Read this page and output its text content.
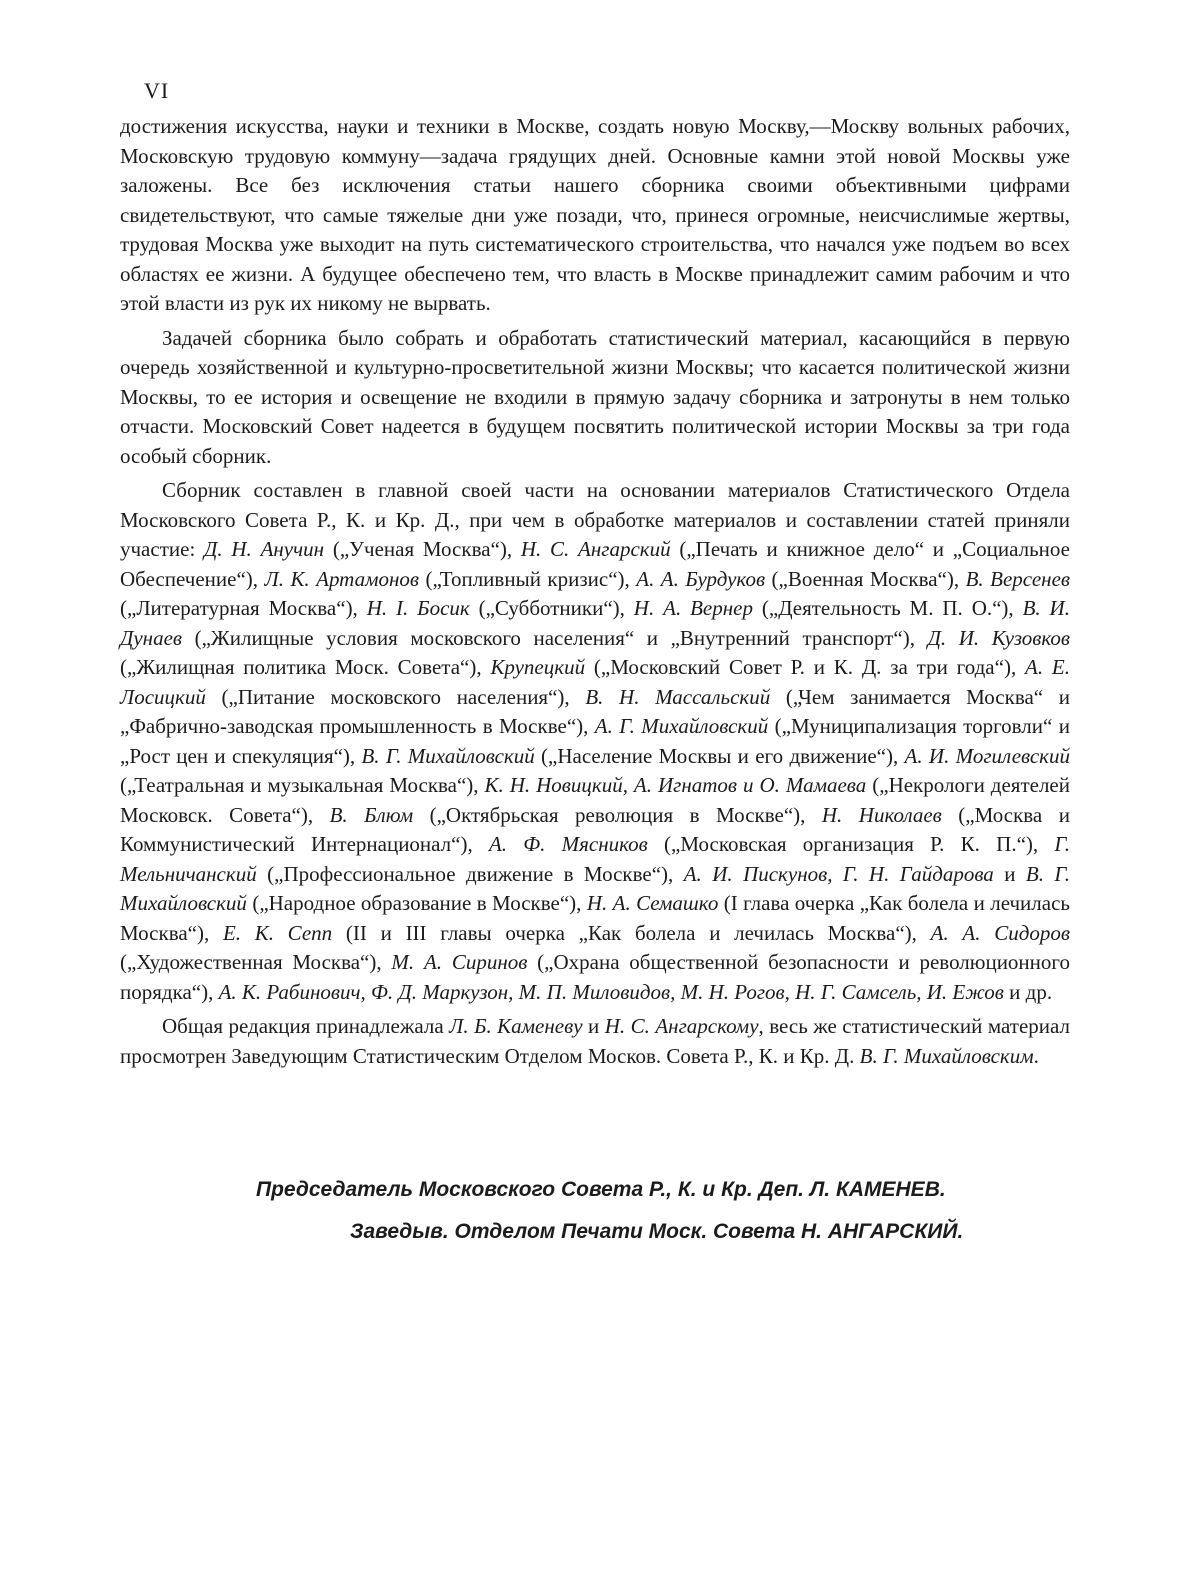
VI

достижения искусства, науки и техники в Москве, создать новую Москву,—Москву вольных рабочих, Московскую трудовую коммуну—задача грядущих дней. Основные камни этой новой Москвы уже заложены. Все без исключения статьи нашего сборника своими объективными цифрами свидетельствуют, что самые тяжелые дни уже позади, что, принеся огромные, неисчислимые жертвы, трудовая Москва уже выходит на путь систематического строительства, что начался уже подъем во всех областях ее жизни. А будущее обеспечено тем, что власть в Москве принадлежит самим рабочим и что этой власти из рук их никому не вырвать.

Задачей сборника было собрать и обработать статистический материал, касающийся в первую очередь хозяйственной и культурно-просветительной жизни Москвы; что касается политической жизни Москвы, то ее история и освещение не входили в прямую задачу сборника и затронуты в нем только отчасти. Московский Совет надеется в будущем посвятить политической истории Москвы за три года особый сборник.

Сборник составлен в главной своей части на основании материалов Статистического Отдела Московского Совета Р., К. и Кр. Д., при чем в обработке материалов и составлении статей приняли участие: Д. Н. Анучин („Ученая Москва“), Н. С. Ангарский („Печать и книжное дело“ и „Социальное Обеспечение“), Л. К. Артамонов („Топливный кризис“), А. А. Бурдуков („Военная Москва“), В. Версенев („Литературная Москва“), Н. І. Босик („Субботники“), Н. А. Вернер („Деятельность М. П. О.“), В. И. Дунаев („Жилищные условия московского населения“ и „Внутренний транспорт“), Д. И. Кузовков („Жилищная политика Моск. Совета“), Крупецкий („Московский Совет Р. и К. Д. за три года“), А. Е. Лосицкий („Питание московского населения“), В. Н. Массальский („Чем занимается Москва“ и „Фабрично-заводская промышленность в Москве“), А. Г. Михайловский („Муниципализация торговли“ и „Рост цен и спекуляция“), В. Г. Михайловский („Население Москвы и его движение“), А. И. Могилевский („Театральная и музыкальная Москва“), К. Н. Новицкий, А. Игнатов и О. Мамаева („Некрологи деятелей Московск. Совета“), В. Блюм („Октябрьская революция в Москве“), Н. Николаев („Москва и Коммунистический Интернационал“), А. Ф. Мясников („Московская организация Р. К. П.“), Г. Мельничанский („Профессиональное движение в Москве“), А. И. Пискунов, Г. Н. Гайдарова и В. Г. Михайловский („Народное образование в Москве“), Н. А. Семашко (I глава очерка „Как болела и лечилась Москва“), Е. К. Сепп (II и III главы очерка „Как болела и лечилась Москва“), А. А. Сидоров („Художественная Москва“), М. А. Сиринов („Охрана общественной безопасности и революционного порядка“), А. К. Рабинович, Ф. Д. Маркузон, М. П. Миловидов, М. Н. Рогов, Н. Г. Самсель, И. Ежов и др.

Общая редакция принадлежала Л. Б. Каменеву и Н. С. Ангарскому, весь же статистический материал просмотрен Заведующим Статистическим Отделом Москов. Совета Р., К. и Кр. Д. В. Г. Михайловским.

Председатель Московского Совета Р., К. и Кр. Деп. Л. КАМЕНЕВ.
Заведыв. Отделом Печати Моск. Совета Н. АНГАРСКИЙ.
